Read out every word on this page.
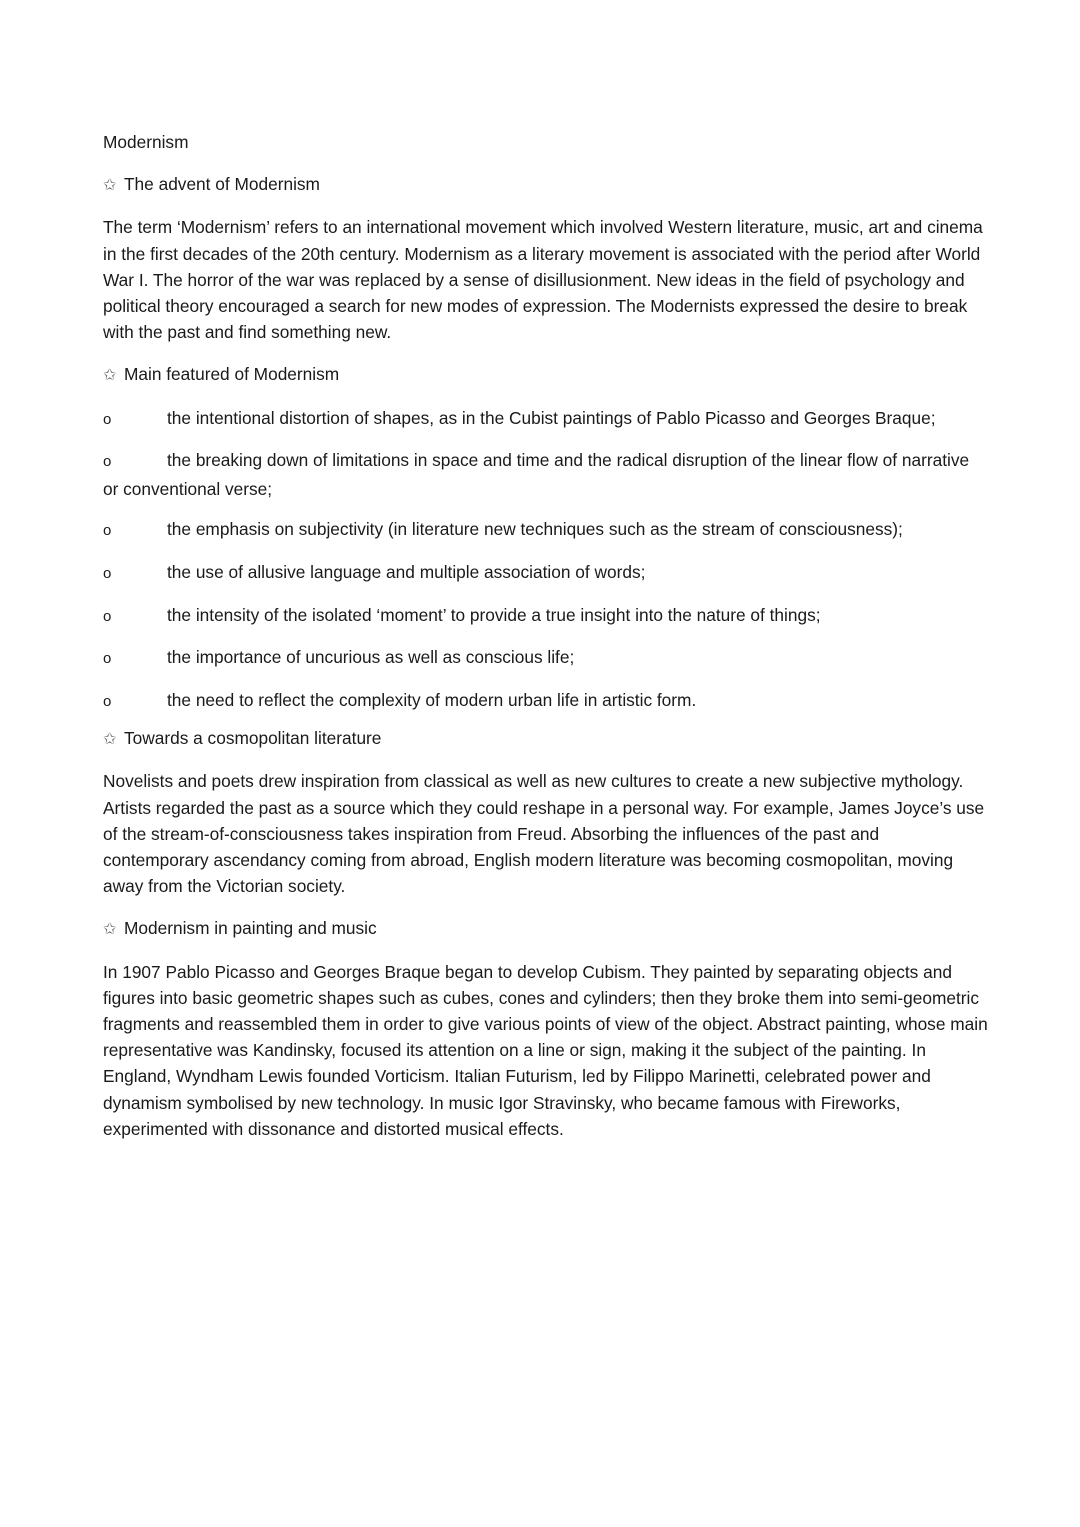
Modernism
✩ The advent of Modernism
The term ‘Modernism’ refers to an international movement which involved Western literature, music, art and cinema in the first decades of the 20th century. Modernism as a literary movement is associated with the period after World War I. The horror of the war was replaced by a sense of disillusionment. New ideas in the field of psychology and political theory encouraged a search for new modes of expression. The Modernists expressed the desire to break with the past and find something new.
✩ Main featured of Modernism
o	the intentional distortion of shapes, as in the Cubist paintings of Pablo Picasso and Georges Braque;
o	the breaking down of limitations in space and time and the radical disruption of the linear flow of narrative or conventional verse;
o	the emphasis on subjectivity (in literature new techniques such as the stream of consciousness);
o	the use of allusive language and multiple association of words;
o	the intensity of the isolated ‘moment’ to provide a true insight into the nature of things;
o	the importance of uncurious as well as conscious life;
o	the need to reflect the complexity of modern urban life in artistic form.
✩ Towards a cosmopolitan literature
Novelists and poets drew inspiration from classical as well as new cultures to create a new subjective mythology. Artists regarded the past as a source which they could reshape in a personal way. For example, James Joyce’s use of the stream-of-consciousness takes inspiration from Freud. Absorbing the influences of the past and contemporary ascendancy coming from abroad, English modern literature was becoming cosmopolitan, moving away from the Victorian society.
✩ Modernism in painting and music
In 1907 Pablo Picasso and Georges Braque began to develop Cubism. They painted by separating objects and figures into basic geometric shapes such as cubes, cones and cylinders; then they broke them into semi-geometric fragments and reassembled them in order to give various points of view of the object. Abstract painting, whose main representative was Kandinsky, focused its attention on a line or sign, making it the subject of the painting. In England, Wyndham Lewis founded Vorticism. Italian Futurism, led by Filippo Marinetti, celebrated power and dynamism symbolised by new technology. In music Igor Stravinsky, who became famous with Fireworks, experimented with dissonance and distorted musical effects.
